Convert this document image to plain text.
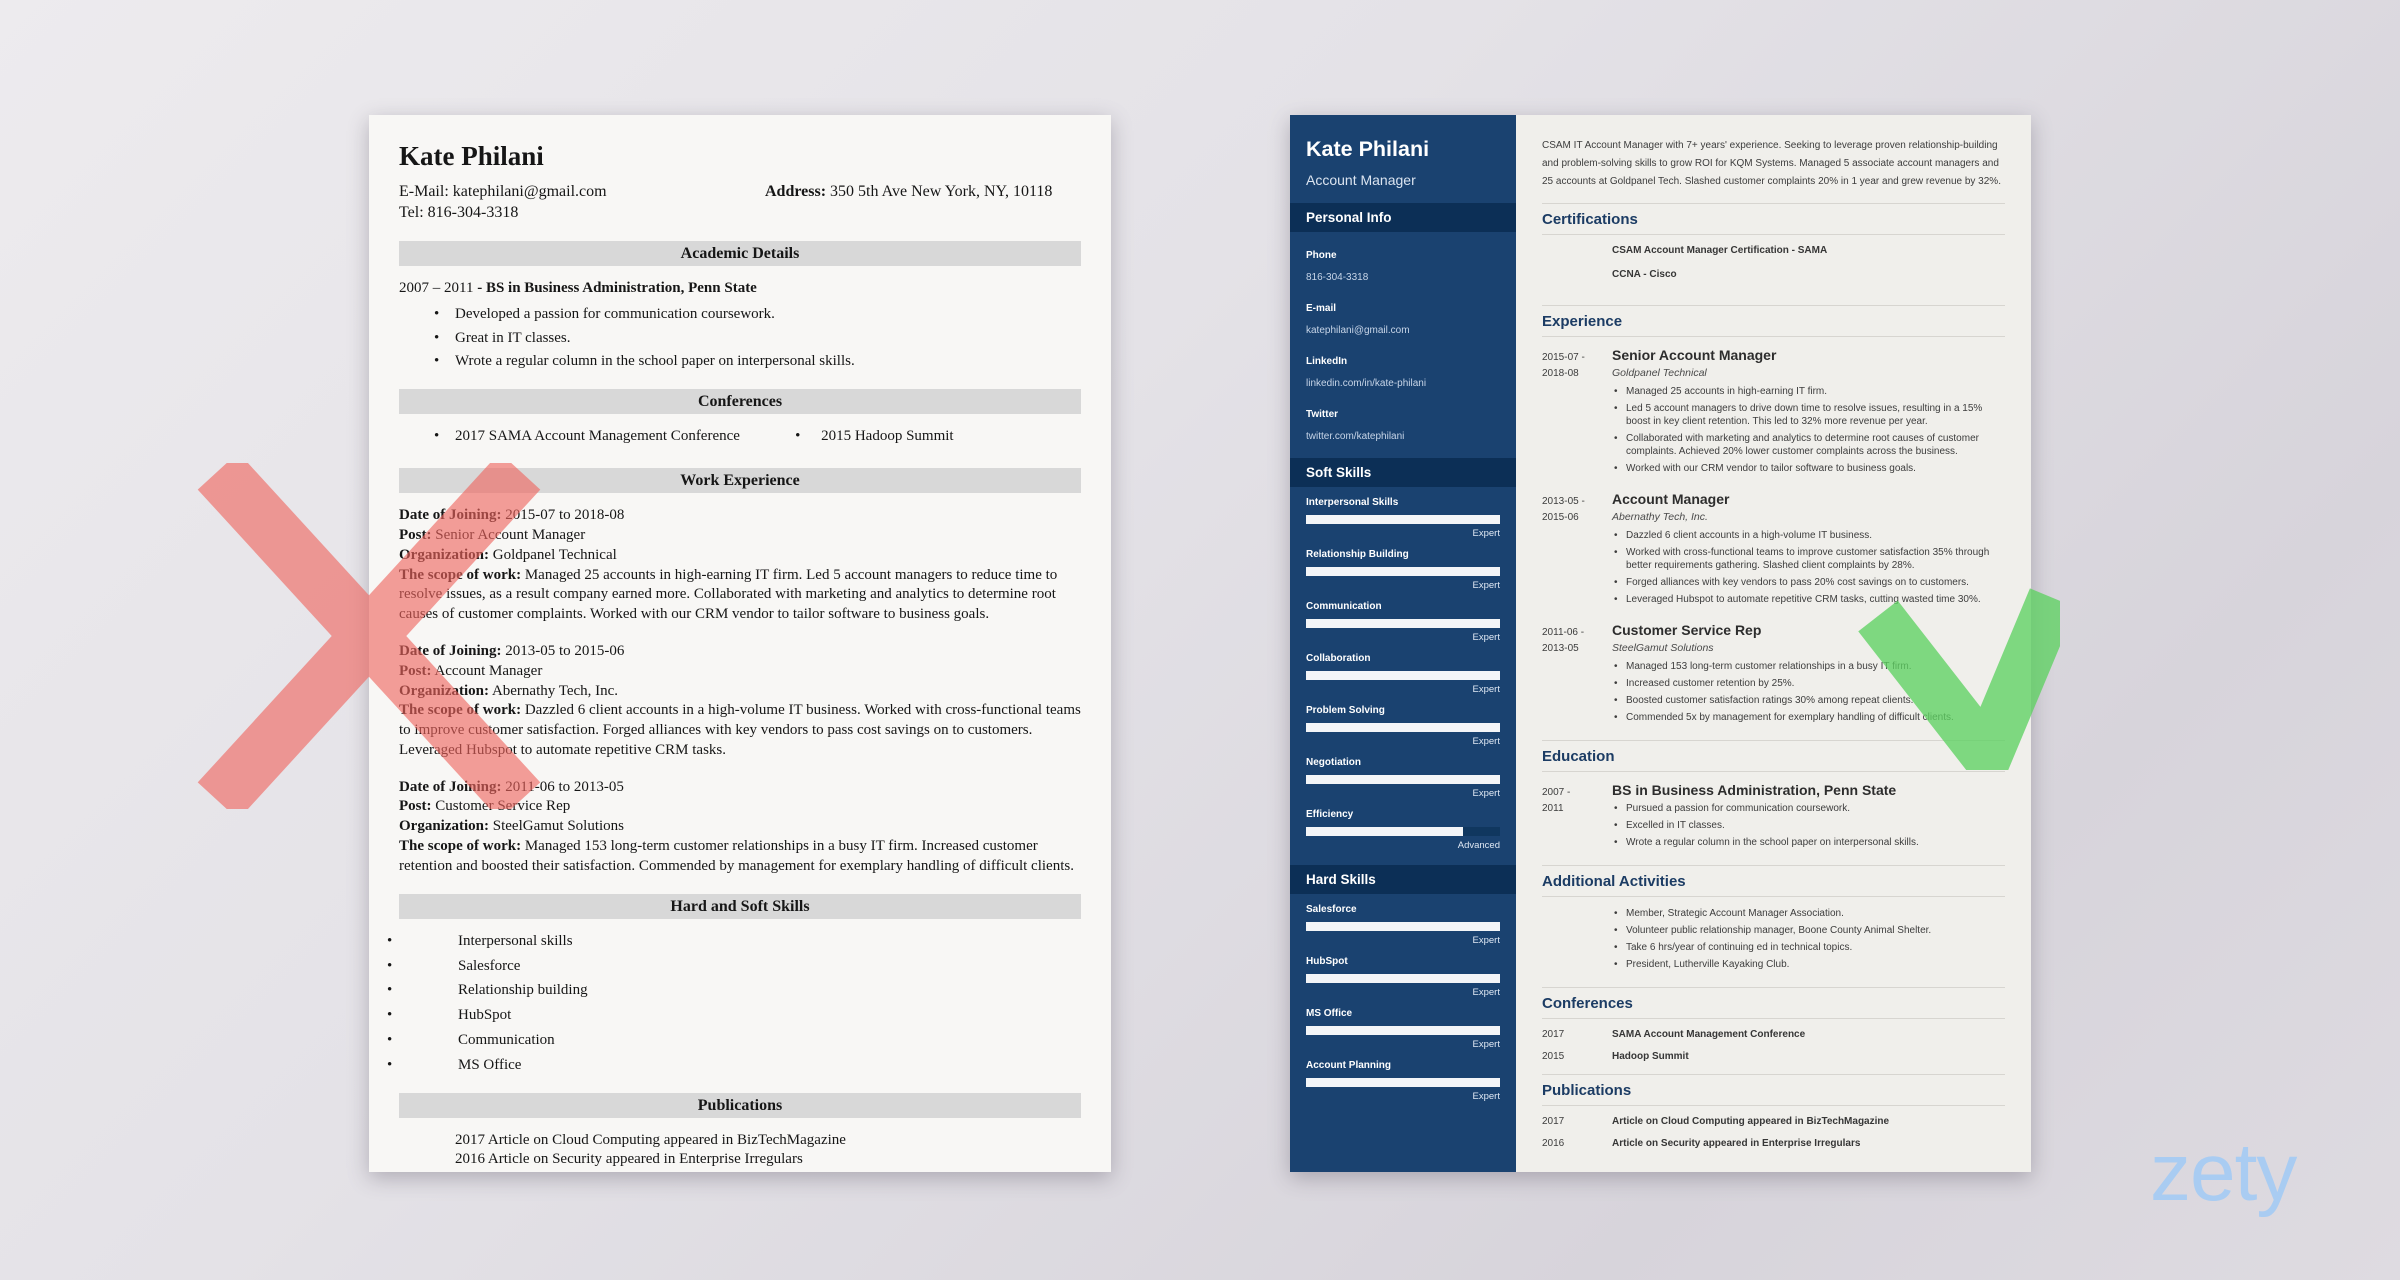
Kate Philani
E-Mail: katephilani@gmail.com
Tel: 816-304-3318
Address: 350 5th Ave New York, NY, 10118
Academic Details
2007 – 2011 - BS in Business Administration, Penn State
• Developed a passion for communication coursework.
• Great in IT classes.
• Wrote a regular column in the school paper on interpersonal skills.
Conferences
• 2017 SAMA Account Management Conference	• 2015 Hadoop Summit
Work Experience
Date of Joining: 2015-07 to 2018-08
Post: Senior Account Manager
Organization: Goldpanel Technical
The scope of work: Managed 25 accounts in high-earning IT firm. Led 5 account managers to reduce time to resolve issues, as a result company earned more. Collaborated with marketing and analytics to determine root causes of customer complaints. Worked with our CRM vendor to tailor software to business goals.
Date of Joining: 2013-05 to 2015-06
Post: Account Manager
Organization: Abernathy Tech, Inc.
The scope of work: Dazzled 6 client accounts in a high-volume IT business. Worked with cross-functional teams to improve customer satisfaction. Forged alliances with key vendors to pass cost savings on to customers. Leveraged Hubspot to automate repetitive CRM tasks.
Date of Joining: 2011-06 to 2013-05
Post: Customer Service Rep
Organization: SteelGamut Solutions
The scope of work: Managed 153 long-term customer relationships in a busy IT firm. Increased customer retention and boosted their satisfaction. Commended by management for exemplary handling of difficult clients.
Hard and Soft Skills
• Interpersonal skills
• Salesforce
• Relationship building
• HubSpot
• Communication
• MS Office
Publications
2017 Article on Cloud Computing appeared in BizTechMagazine
2016 Article on Security appeared in Enterprise Irregulars
Kate Philani
Account Manager
Personal Info
Phone
816-304-3318
E-mail
katephilani@gmail.com
LinkedIn
linkedin.com/in/kate-philani
Twitter
twitter.com/katephilani
Soft Skills
Interpersonal Skills
Expert
Relationship Building
Expert
Communication
Expert
Collaboration
Expert
Problem Solving
Expert
Negotiation
Expert
Efficiency
Advanced
Hard Skills
Salesforce
Expert
HubSpot
Expert
MS Office
Expert
Account Planning
Expert
CSAM IT Account Manager with 7+ years' experience. Seeking to leverage proven relationship-building and problem-solving skills to grow ROI for KQM Systems. Managed 5 associate account managers and 25 accounts at Goldpanel Tech. Slashed customer complaints 20% in 1 year and grew revenue by 32%.
Certifications
CSAM Account Manager Certification - SAMA
CCNA - Cisco
Experience
2015-07 -
2018-08
Senior Account Manager
Goldpanel Technical
• Managed 25 accounts in high-earning IT firm.
• Led 5 account managers to drive down time to resolve issues, resulting in a 15% boost in key client retention. This led to 32% more revenue per year.
• Collaborated with marketing and analytics to determine root causes of customer complaints. Achieved 20% lower customer complaints across the business.
• Worked with our CRM vendor to tailor software to business goals.
2013-05 -
2015-06
Account Manager
Abernathy Tech, Inc.
• Dazzled 6 client accounts in a high-volume IT business.
• Worked with cross-functional teams to improve customer satisfaction 35% through better requirements gathering. Slashed client complaints by 28%.
• Forged alliances with key vendors to pass 20% cost savings on to customers.
• Leveraged Hubspot to automate repetitive CRM tasks, cutting wasted time 30%.
2011-06 -
2013-05
Customer Service Rep
SteelGamut Solutions
• Managed 153 long-term customer relationships in a busy IT firm.
• Increased customer retention by 25%.
• Boosted customer satisfaction ratings 30% among repeat clients.
• Commended 5x by management for exemplary handling of difficult clients.
Education
2007 -
2011
BS in Business Administration, Penn State
• Pursued a passion for communication coursework.
• Excelled in IT classes.
• Wrote a regular column in the school paper on interpersonal skills.
Additional Activities
• Member, Strategic Account Manager Association.
• Volunteer public relationship manager, Boone County Animal Shelter.
• Take 6 hrs/year of continuing ed in technical topics.
• President, Lutherville Kayaking Club.
Conferences
2017	SAMA Account Management Conference
2015	Hadoop Summit
Publications
2017	Article on Cloud Computing appeared in BizTechMagazine
2016	Article on Security appeared in Enterprise Irregulars	zety
